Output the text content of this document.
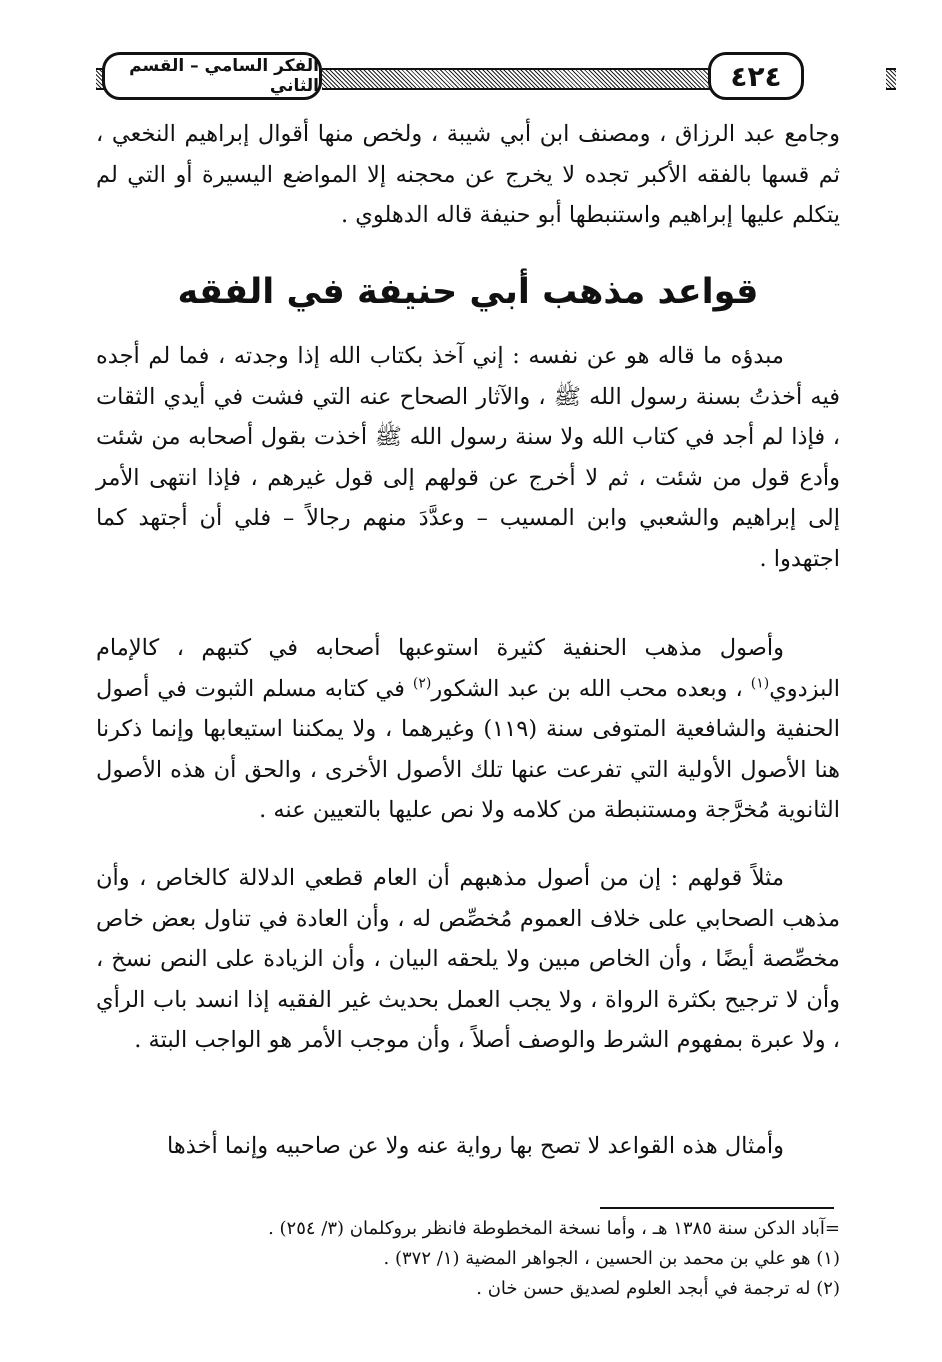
الفكر السامي – القسم الثاني	٤٢٤
وجامع عبد الرزاق ، ومصنف ابن أبي شيبة ، ولخص منها أقوال إبراهيم النخعي ، ثم قسها بالفقه الأكبر تجده لا يخرج عن محجنه إلا المواضع اليسيرة أو التي لم يتكلم عليها إبراهيم واستنبطها أبو حنيفة قاله الدهلوي .
قواعد مذهب أبي حنيفة في الفقه
مبدؤه ما قاله هو عن نفسه : إني آخذ بكتاب الله إذا وجدته ، فما لم أجده فيه أخذتُ بسنة رسول الله ﷺ ، والآثار الصحاح عنه التي فشت في أيدي الثقات ، فإذا لم أجد في كتاب الله ولا سنة رسول الله ﷺ أخذت بقول أصحابه من شئت وأدع قول من شئت ، ثم لا أخرج عن قولهم إلى قول غيرهم ، فإذا انتهى الأمر إلى إبراهيم والشعبي وابن المسيب – وعدَّدَ منهم رجالاً – فلي أن أجتهد كما اجتهدوا .
وأصول مذهب الحنفية كثيرة استوعبها أصحابه في كتبهم ، كالإمام البزدوي$^{(١)}$ ، وبعده محب الله بن عبد الشكور$^{(٢)}$ في كتابه مسلم الثبوت في أصول الحنفية والشافعية المتوفى سنة (١١٩) وغيرهما ، ولا يمكننا استيعابها وإنما ذكرنا هنا الأصول الأولية التي تفرعت عنها تلك الأصول الأخرى ، والحق أن هذه الأصول الثانوية مُخرَّجة ومستنبطة من كلامه ولا نص عليها بالتعيين عنه .
مثلاً قولهم : إن من أصول مذهبهم أن العام قطعي الدلالة كالخاص ، وأن مذهب الصحابي على خلاف العموم مُخصِّص له ، وأن العادة في تناول بعض خاص مخصِّصة أيضًا ، وأن الخاص مبين ولا يلحقه البيان ، وأن الزيادة على النص نسخ ، وأن لا ترجيح بكثرة الرواة ، ولا يجب العمل بحديث غير الفقيه إذا انسد باب الرأي ، ولا عبرة بمفهوم الشرط والوصف أصلاً ، وأن موجب الأمر هو الواجب البتة .
وأمثال هذه القواعد لا تصح بها رواية عنه ولا عن صاحبيه وإنما أخذها
=آباد الدكن سنة ١٣٨٥ هـ ، وأما نسخة المخطوطة فانظر بروكلمان (٣/ ٢٥٤) .
(١) هو علي بن محمد بن الحسين ، الجواهر المضية (١/ ٣٧٢) .
(٢) له ترجمة في أبجد العلوم لصديق حسن خان .
